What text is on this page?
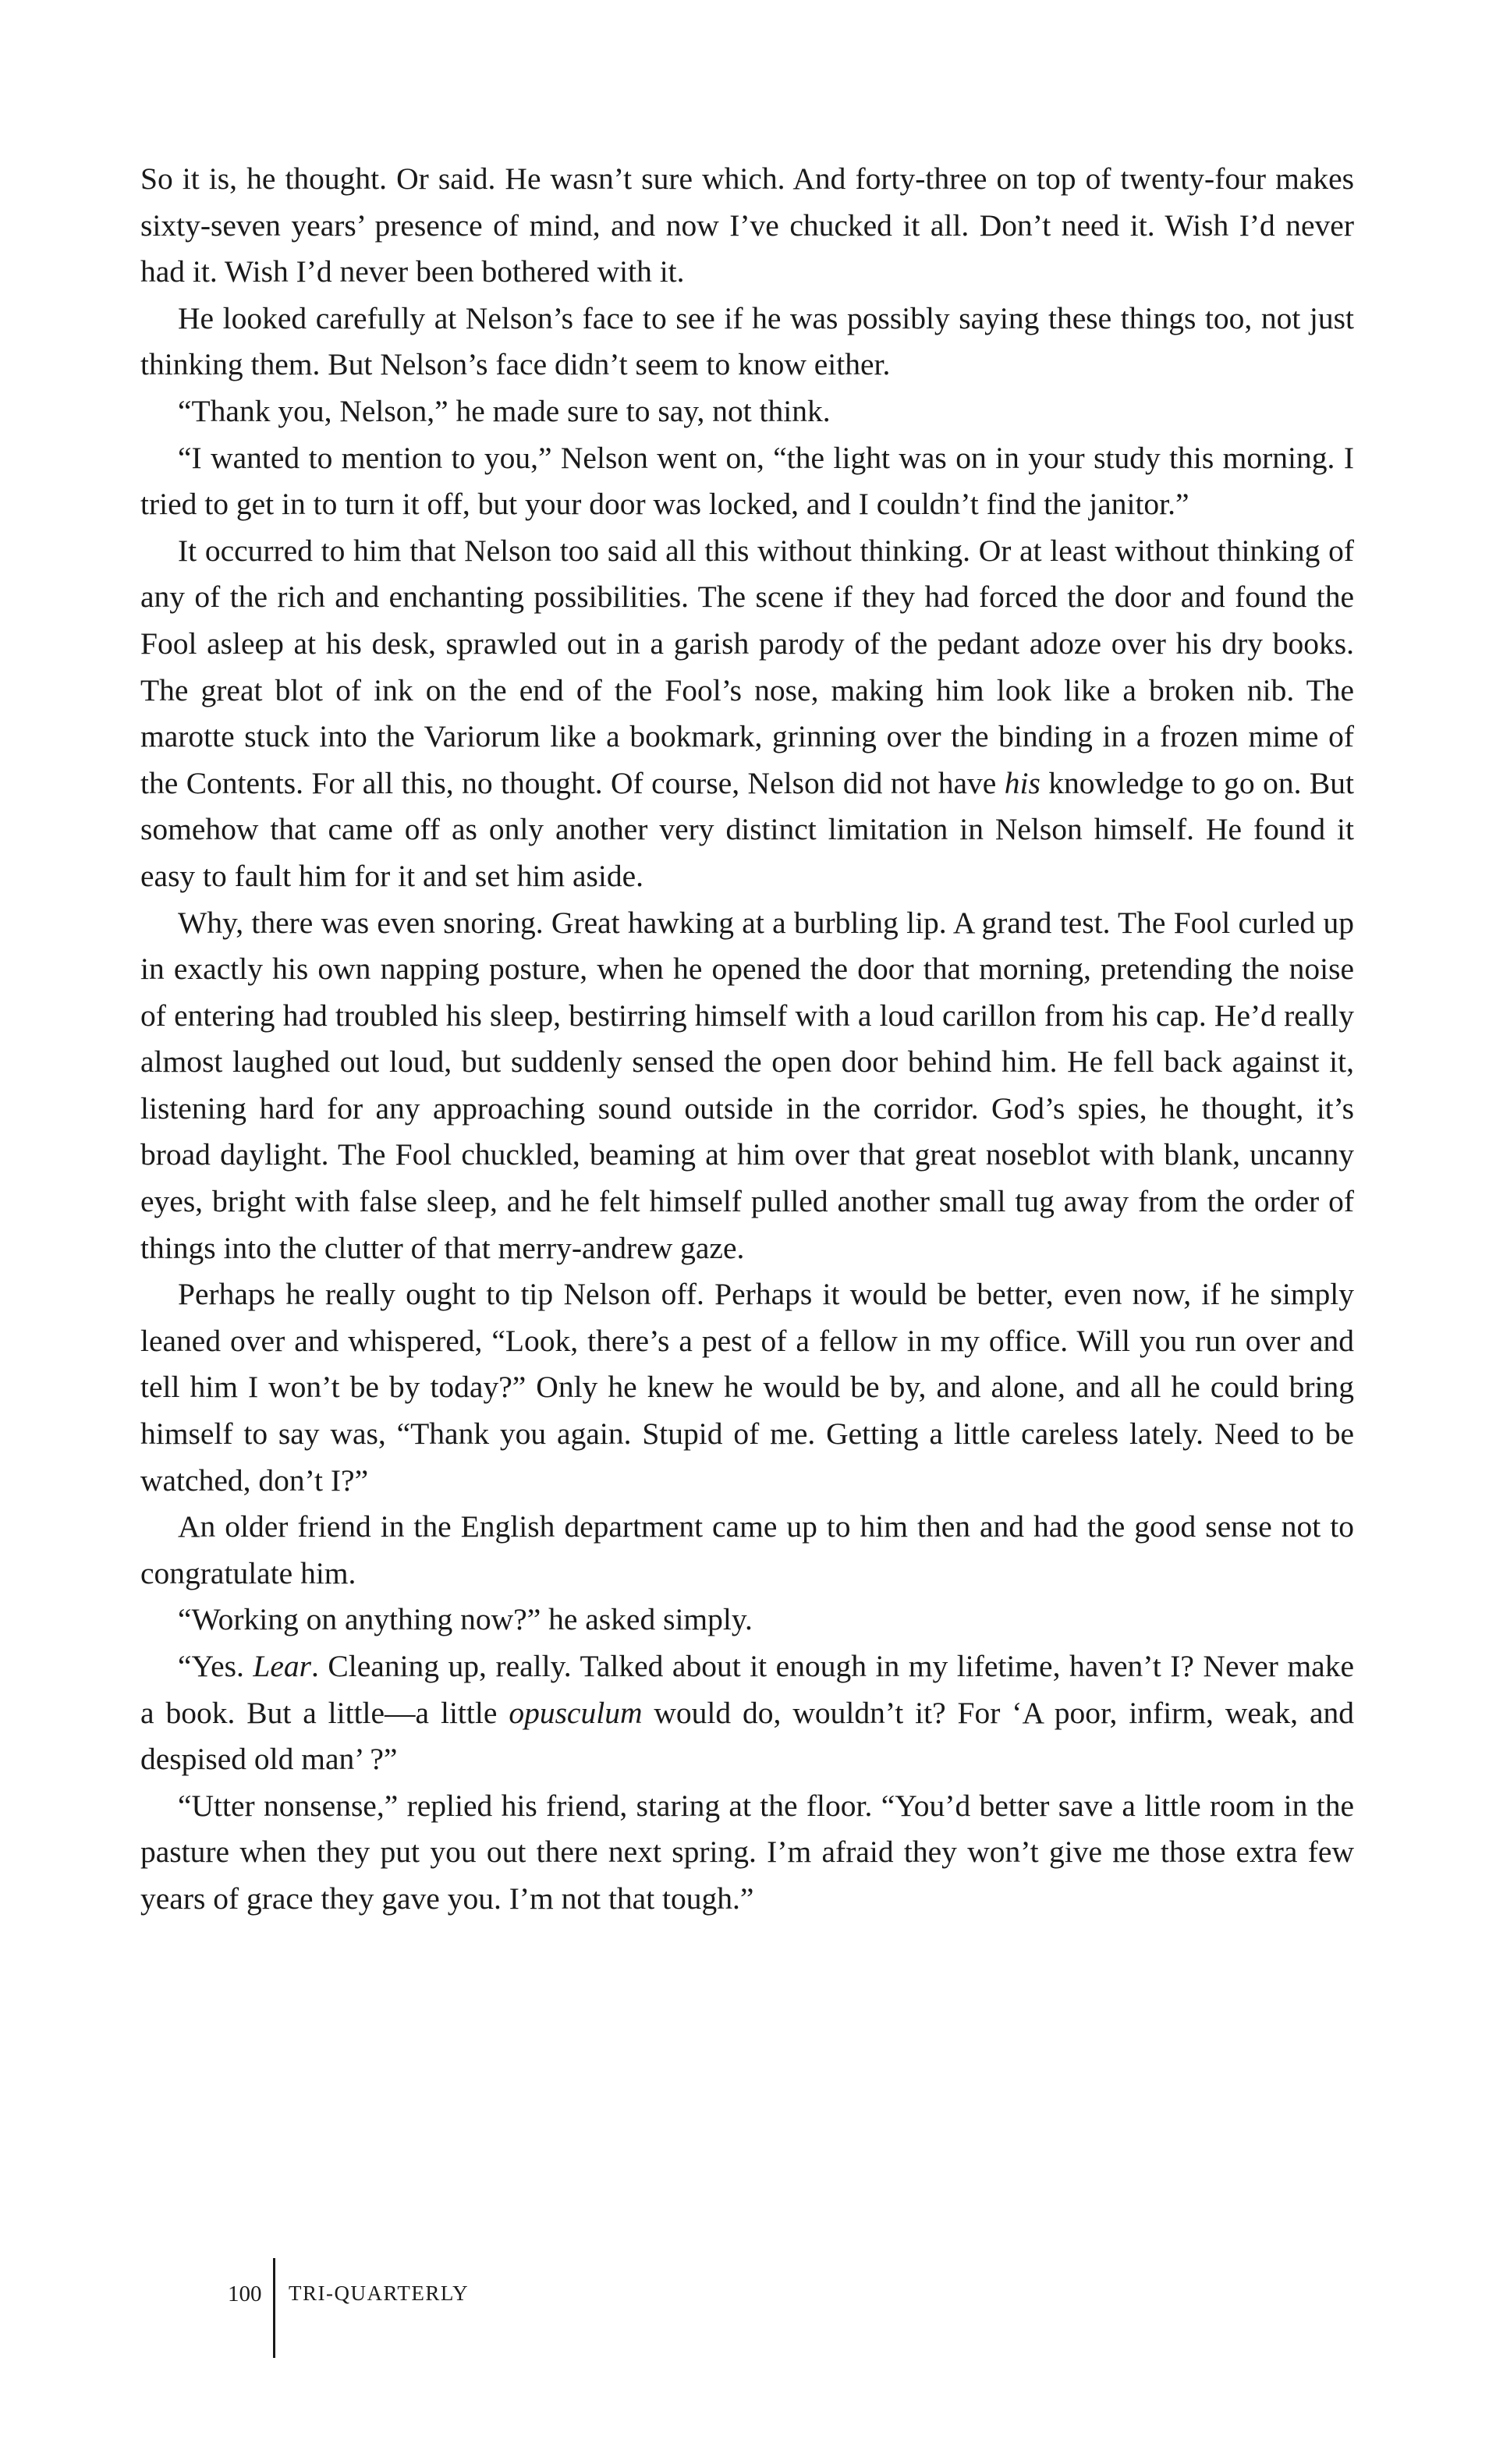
So it is, he thought. Or said. He wasn’t sure which. And forty-three on top of twenty-four makes sixty-seven years’ presence of mind, and now I’ve chucked it all. Don’t need it. Wish I’d never had it. Wish I’d never been bothered with it.

He looked carefully at Nelson’s face to see if he was possibly saying these things too, not just thinking them. But Nelson’s face didn’t seem to know either.

“Thank you, Nelson,” he made sure to say, not think.

“I wanted to mention to you,” Nelson went on, “the light was on in your study this morning. I tried to get in to turn it off, but your door was locked, and I couldn’t find the janitor.”

It occurred to him that Nelson too said all this without thinking. Or at least without thinking of any of the rich and enchanting possibilities. The scene if they had forced the door and found the Fool asleep at his desk, sprawled out in a garish parody of the pedant adoze over his dry books. The great blot of ink on the end of the Fool’s nose, making him look like a broken nib. The marotte stuck into the Variorum like a bookmark, grinning over the binding in a frozen mime of the Contents. For all this, no thought. Of course, Nelson did not have his knowledge to go on. But somehow that came off as only another very distinct limitation in Nelson himself. He found it easy to fault him for it and set him aside.

Why, there was even snoring. Great hawking at a burbling lip. A grand test. The Fool curled up in exactly his own napping posture, when he opened the door that morning, pretending the noise of entering had troubled his sleep, bestirring himself with a loud carillon from his cap. He’d really almost laughed out loud, but suddenly sensed the open door behind him. He fell back against it, listening hard for any approaching sound outside in the corridor. God’s spies, he thought, it’s broad daylight. The Fool chuckled, beaming at him over that great noseblot with blank, uncanny eyes, bright with false sleep, and he felt himself pulled another small tug away from the order of things into the clutter of that merry-andrew gaze.

Perhaps he really ought to tip Nelson off. Perhaps it would be better, even now, if he simply leaned over and whispered, “Look, there’s a pest of a fellow in my office. Will you run over and tell him I won’t be by today?” Only he knew he would be by, and alone, and all he could bring himself to say was, “Thank you again. Stupid of me. Getting a little careless lately. Need to be watched, don’t I?”

An older friend in the English department came up to him then and had the good sense not to congratulate him.

“Working on anything now?” he asked simply.

“Yes. Lear. Cleaning up, really. Talked about it enough in my lifetime, haven’t I? Never make a book. But a little—a little opusculum would do, wouldn’t it? For ‘A poor, infirm, weak, and despised old man’ ?”

“Utter nonsense,” replied his friend, staring at the floor. “You’d better save a little room in the pasture when they put you out there next spring. I’m afraid they won’t give me those extra few years of grace they gave you. I’m not that tough.”

100 TRI-QUARTERLY
